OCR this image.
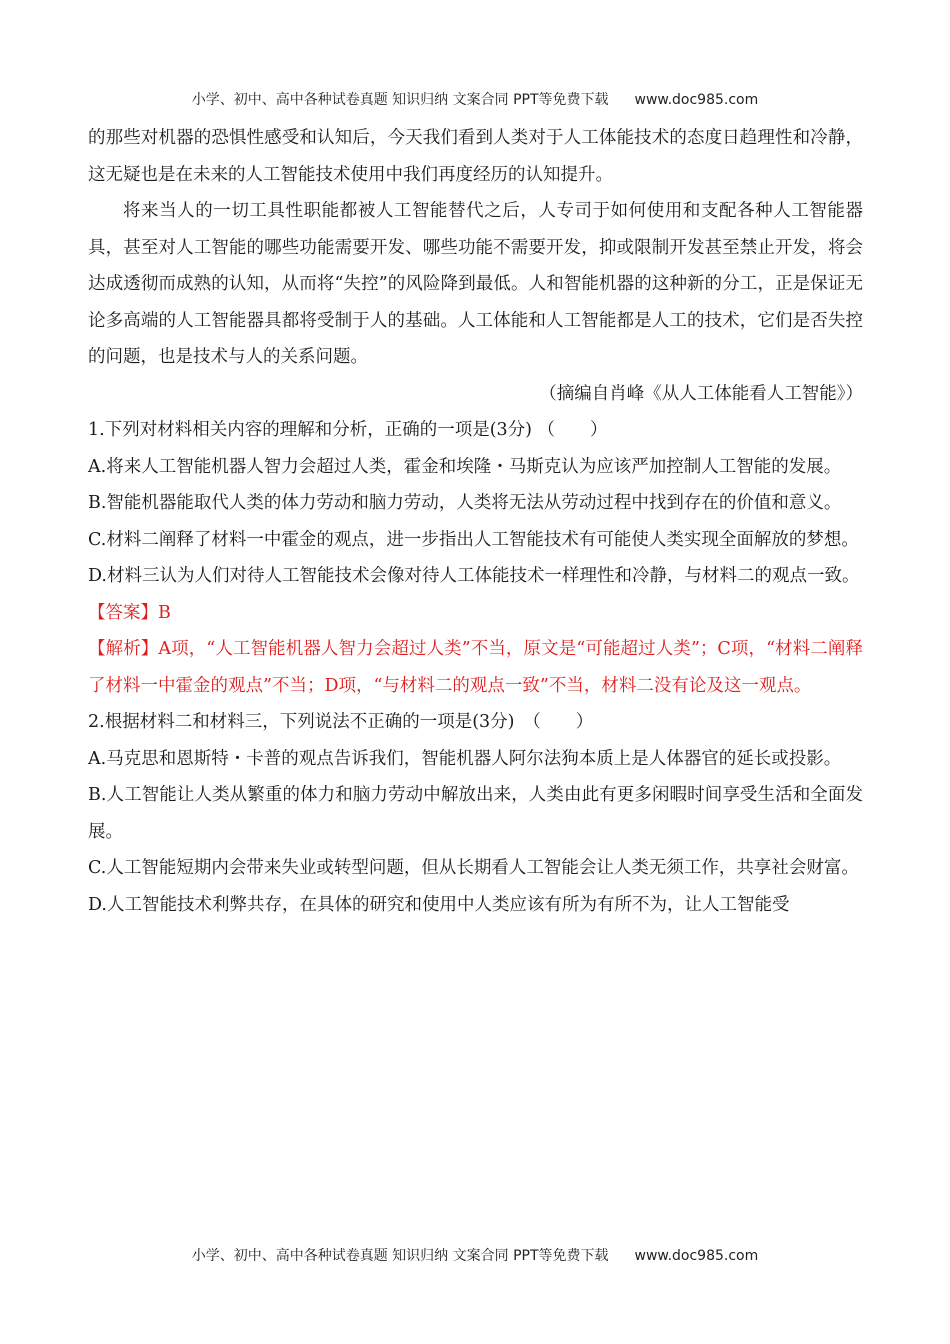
小学、初中、高中各种试卷真题 知识归纳 文案合同 PPT等免费下载 www.doc985.com

的那些对机器的恐惧性感受和认知后，今天我们看到人类对于人工体能技术的态度日趋理性和冷静，这无疑也是在未来的人工智能技术使用中我们再度经历的认知提升。

将来当人的一切工具性职能都被人工智能替代之后，人专司于如何使用和支配各种人工智能器具，甚至对人工智能的哪些功能需要开发、哪些功能不需要开发，抑或限制开发甚至禁止开发，将会达成透彻而成熟的认知，从而将“失控”的风险降到最低。人和智能机器的这种新的分工，正是保证无论多高端的人工智能器具都将受制于人的基础。人工体能和人工智能都是人工的技术，它们是否失控的问题，也是技术与人的关系问题。

（摘编自肖峰《从人工体能看人工智能》）

1.下列对材料相关内容的理解和分析，正确的一项是(3分) （　　）

A.将来人工智能机器人智力会超过人类，霍金和埃隆・马斯克认为应该严加控制人工智能的发展。

B.智能机器能取代人类的体力劳动和脑力劳动，人类将无法从劳动过程中找到存在的价值和意义。

C.材料二阐释了材料一中霍金的观点，进一步指出人工智能技术有可能使人类实现全面解放的梦想。

D.材料三认为人们对待人工智能技术会像对待人工体能技术一样理性和冷静，与材料二的观点一致。

【答案】B

【解析】A项，“人工智能机器人智力会超过人类”不当，原文是“可能超过人类”；C项，“材料二阐释了材料一中霍金的观点”不当；D项，“与材料二的观点一致”不当，材料二没有论及这一观点。

2.根据材料二和材料三，下列说法不正确的一项是(3分)　（　　）

A.马克思和恩斯特・卡普的观点告诉我们，智能机器人阿尔法狗本质上是人体器官的延长或投影。

B.人工智能让人类从繁重的体力和脑力劳动中解放出来，人类由此有更多闲暇时间享受生活和全面发展。

C.人工智能短期内会带来失业或转型问题，但从长期看人工智能会让人类无须工作，共享社会财富。

D.人工智能技术利弊共存，在具体的研究和使用中人类应该有所为有所不为，让人工智能受

小学、初中、高中各种试卷真题 知识归纳 文案合同 PPT等免费下载 www.doc985.com
